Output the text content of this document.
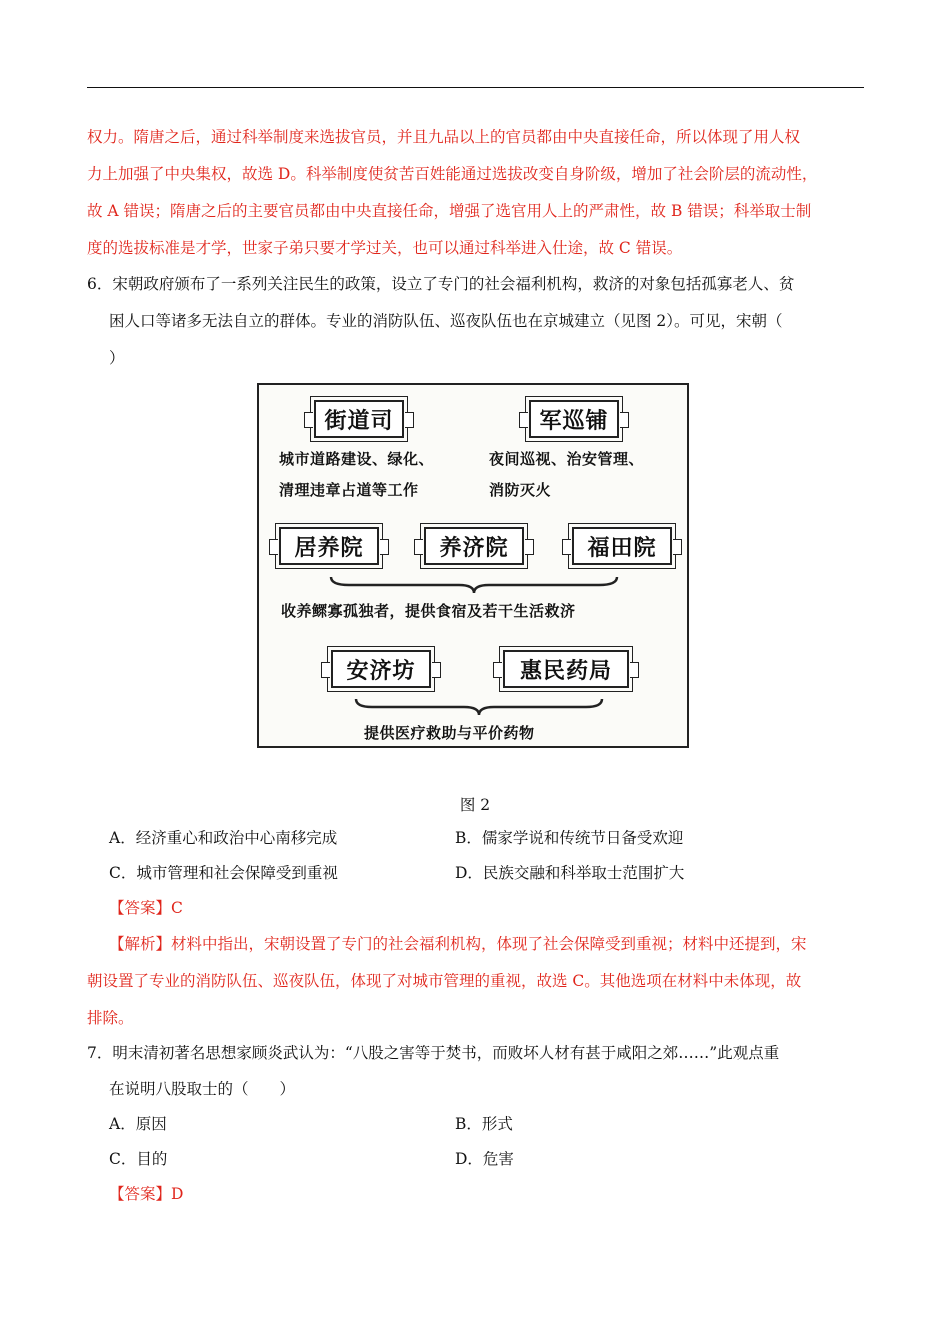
权力。隋唐之后，通过科举制度来选拔官员，并且九品以上的官员都由中央直接任命，所以体现了用人权
力上加强了中央集权，故选 D。科举制度使贫苦百姓能通过选拔改变自身阶级，增加了社会阶层的流动性，
故 A 错误；隋唐之后的主要官员都由中央直接任命，增强了选官用人上的严肃性，故 B 错误；科举取士制
度的选拔标准是才学，世家子弟只要才学过关，也可以通过科举进入仕途，故 C 错误。
6．宋朝政府颁布了一系列关注民生的政策，设立了专门的社会福利机构，救济的对象包括孤寡老人、贫
困人口等诸多无法自立的群体。专业的消防队伍、巡夜队伍也在京城建立（见图 2）。可见，宋朝（
）
街道司	军巡铺
城市道路建设、绿化、
清理违章占道等工作
夜间巡视、治安管理、
消防灭火
居养院	养济院	福田院
收养鳏寡孤独者，提供食宿及若干生活救济
安济坊	惠民药局
提供医疗救助与平价药物
图 2
A．经济重心和政治中心南移完成	B．儒家学说和传统节日备受欢迎
C．城市管理和社会保障受到重视	D．民族交融和科举取士范围扩大
【答案】C
【解析】材料中指出，宋朝设置了专门的社会福利机构，体现了社会保障受到重视；材料中还提到，宋
朝设置了专业的消防队伍、巡夜队伍，体现了对城市管理的重视，故选 C。其他选项在材料中未体现，故
排除。
7．明末清初著名思想家顾炎武认为：“八股之害等于焚书，而败坏人材有甚于咸阳之郊……”此观点重
在说明八股取士的（　　）
A．原因	B．形式
C．目的	D．危害
【答案】D
